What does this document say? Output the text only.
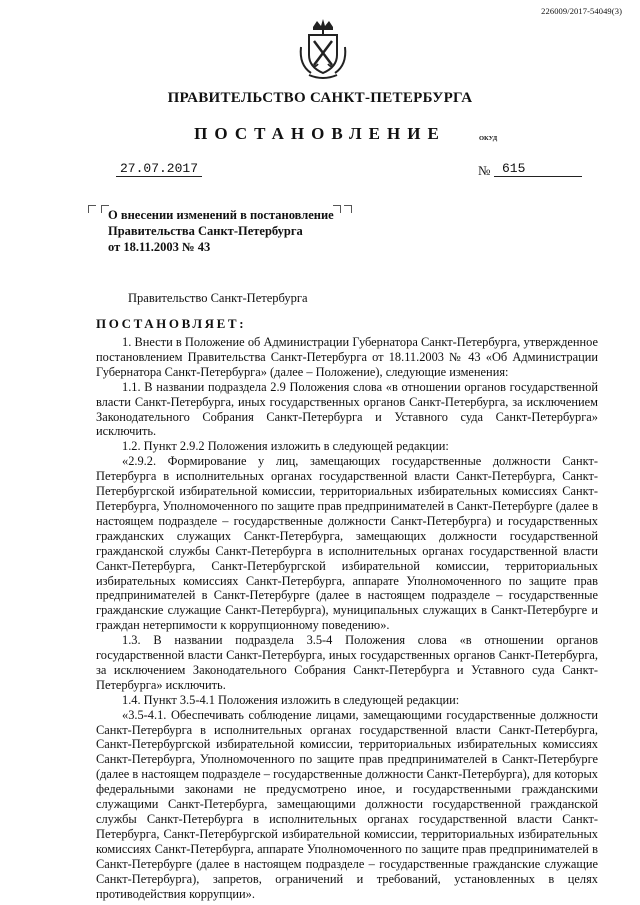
226009/2017-54049(3)
ПРАВИТЕЛЬСТВО САНКТ-ПЕТЕРБУРГА
ПОСТАНОВЛЕНИЕ	ОКУД
27.07.2017	№ 615
О внесении изменений в постановление
Правительства Санкт-Петербурга
от 18.11.2003 № 43
Правительство Санкт-Петербурга
ПОСТАНОВЛЯЕТ:

1. Внести в Положение об Администрации Губернатора Санкт-Петербурга, утвержденное постановлением Правительства Санкт-Петербурга от 18.11.2003 № 43 «Об Администрации Губернатора Санкт-Петербурга» (далее – Положение), следующие изменения:

1.1. В названии подраздела 2.9 Положения слова «в отношении органов государственной власти Санкт-Петербурга, иных государственных органов Санкт-Петербурга, за исключением Законодательного Собрания Санкт-Петербурга и Уставного суда Санкт-Петербурга» исключить.

1.2. Пункт 2.9.2 Положения изложить в следующей редакции:

«2.9.2. Формирование у лиц, замещающих государственные должности Санкт-Петербурга в исполнительных органах государственной власти Санкт-Петербурга, Санкт-Петербургской избирательной комиссии, территориальных избирательных комиссиях Санкт-Петербурга, Уполномоченного по защите прав предпринимателей в Санкт-Петербурге (далее в настоящем подразделе – государственные должности Санкт-Петербурга) и государственных гражданских служащих Санкт-Петербурга, замещающих должности государственной гражданской службы Санкт-Петербурга в исполнительных органах государственной власти Санкт-Петербурга, Санкт-Петербургской избирательной комиссии, территориальных избирательных комиссиях Санкт-Петербурга, аппарате Уполномоченного по защите прав предпринимателей в Санкт-Петербурге (далее в настоящем подразделе – государственные гражданские служащие Санкт-Петербурга), муниципальных служащих в Санкт-Петербурге и граждан нетерпимости к коррупционному поведению».

1.3. В названии подраздела 3.5-4 Положения слова «в отношении органов государственной власти Санкт-Петербурга, иных государственных органов Санкт-Петербурга, за исключением Законодательного Собрания Санкт-Петербурга и Уставного суда Санкт-Петербурга» исключить.

1.4. Пункт 3.5-4.1 Положения изложить в следующей редакции:

«3.5-4.1. Обеспечивать соблюдение лицами, замещающими государственные должности Санкт-Петербурга в исполнительных органах государственной власти Санкт-Петербурга, Санкт-Петербургской избирательной комиссии, территориальных избирательных комиссиях Санкт-Петербурга, Уполномоченного по защите прав предпринимателей в Санкт-Петербурге (далее в настоящем подразделе – государственные должности Санкт-Петербурга), для которых федеральными законами не предусмотрено иное, и государственными гражданскими служащими Санкт-Петербурга, замещающими должности государственной гражданской службы Санкт-Петербурга в исполнительных органах государственной власти Санкт-Петербурга, Санкт-Петербургской избирательной комиссии, территориальных избирательных комиссиях Санкт-Петербурга, аппарате Уполномоченного по защите прав предпринимателей в Санкт-Петербурге (далее в настоящем подразделе – государственные гражданские служащие Санкт-Петербурга), запретов, ограничений и требований, установленных в целях противодействия коррупции».
